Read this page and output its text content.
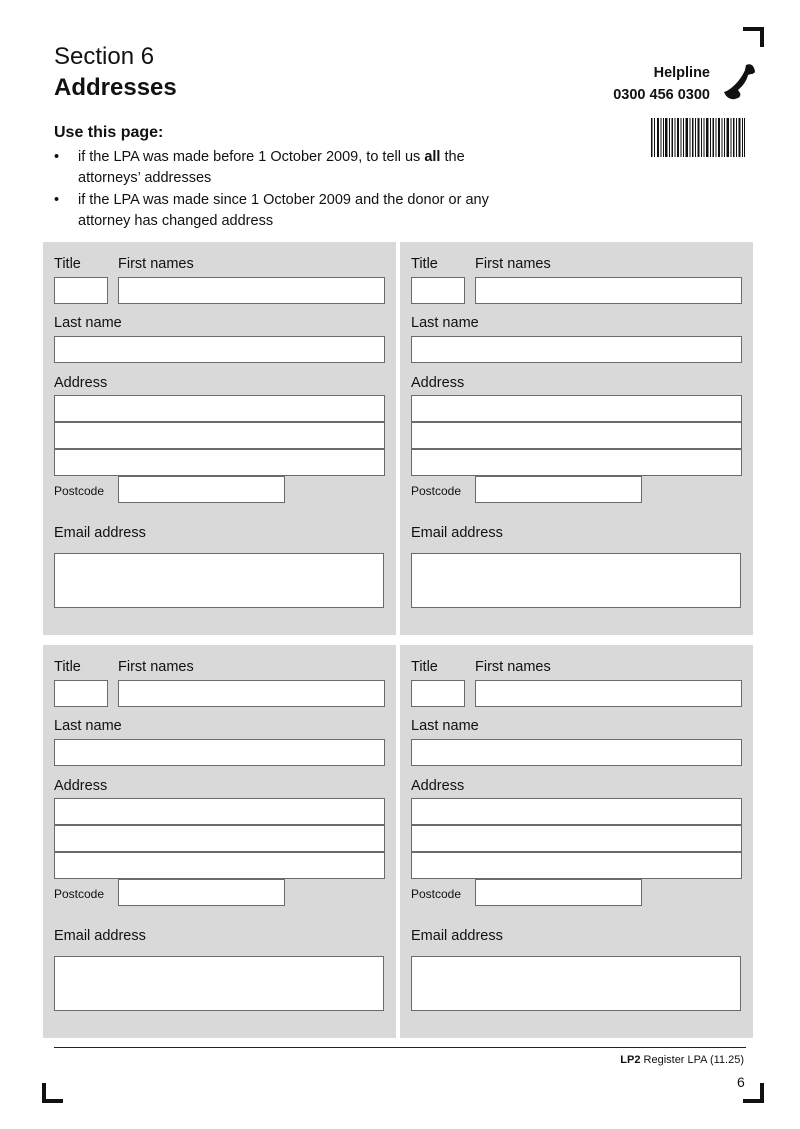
Section 6
Addresses
Helpline
0300 456 0300
Use this page:
• if the LPA was made before 1 October 2009, to tell us all the attorneys’ addresses
• if the LPA was made since 1 October 2009 and the donor or any attorney has changed address
Title	First names
Last name
Address
Postcode
Email address
Title	First names
Last name
Address
Postcode
Email address
Title	First names
Last name
Address
Postcode
Email address
Title	First names
Last name
Address
Postcode
Email address
LP2 Register LPA (11.25)
6
